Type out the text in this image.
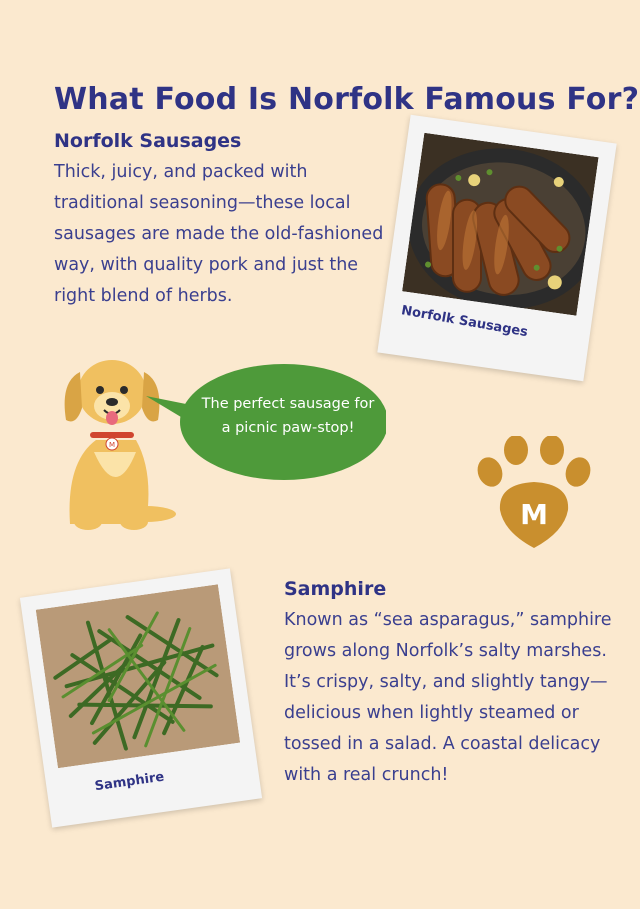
What Food Is Norfolk Famous For?
Norfolk Sausages
Thick, juicy, and packed with traditional seasoning—these local sausages are made the old-fashioned way, with quality pork and just the right blend of herbs.
Norfolk Sausages
M
The perfect sausage for a picnic paw-stop!
M
Samphire
Samphire
Known as “sea asparagus,” samphire grows along Norfolk’s salty marshes. It’s crispy, salty, and slightly tangy—delicious when lightly steamed or tossed in a salad. A coastal delicacy with a real crunch!
